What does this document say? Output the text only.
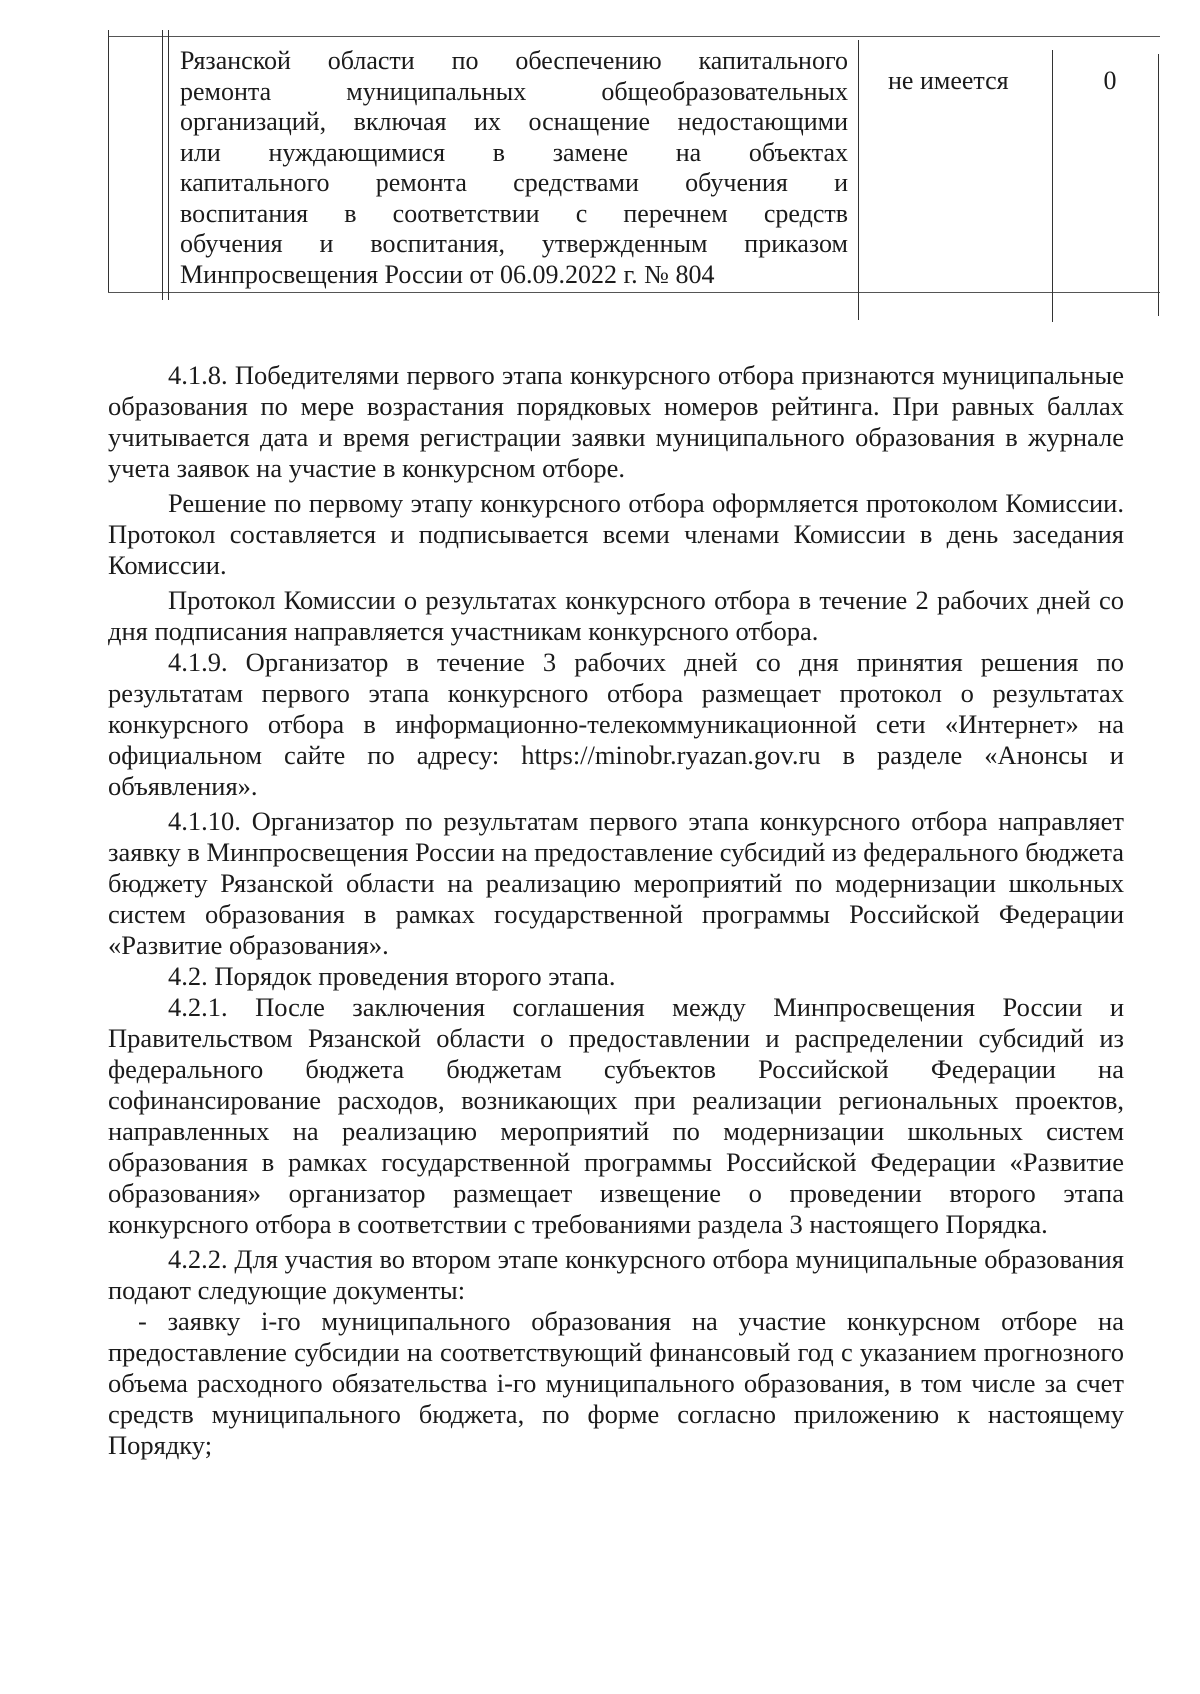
Рязанской области по обеспечению капитального
ремонта муниципальных общеобразовательных
организаций, включая их оснащение недостающими
или нуждающимися в замене на объектах
капитального ремонта средствами обучения и
воспитания в соответствии с перечнем средств
обучения и воспитания, утвержденным приказом
Минпросвещения России от 06.09.2022 г. № 804
не имеется	0

4.1.8. Победителями первого этапа конкурсного отбора признаются муниципальные образования по мере возрастания порядковых номеров рейтинга. При равных баллах учитывается дата и время регистрации заявки муниципального образования в журнале учета заявок на участие в конкурсном отборе.

Решение по первому этапу конкурсного отбора оформляется протоколом Комиссии. Протокол составляется и подписывается всеми членами Комиссии в день заседания Комиссии.

Протокол Комиссии о результатах конкурсного отбора в течение 2 рабочих дней со дня подписания направляется участникам конкурсного отбора.

4.1.9. Организатор в течение 3 рабочих дней со дня принятия решения по результатам первого этапа конкурсного отбора размещает протокол о результатах конкурсного отбора в информационно-телекоммуникационной сети «Интернет» на официальном сайте по адресу: https://minobr.ryazan.gov.ru в разделе «Анонсы и объявления».

4.1.10. Организатор по результатам первого этапа конкурсного отбора направляет заявку в Минпросвещения России на предоставление субсидий из федерального бюджета бюджету Рязанской области на реализацию мероприятий по модернизации школьных систем образования в рамках государственной программы Российской Федерации «Развитие образования».

4.2. Порядок проведения второго этапа.

4.2.1. После заключения соглашения между Минпросвещения России и Правительством Рязанской области о предоставлении и распределении субсидий из федерального бюджета бюджетам субъектов Российской Федерации на софинансирование расходов, возникающих при реализации региональных проектов, направленных на реализацию мероприятий по модернизации школьных систем образования в рамках государственной программы Российской Федерации «Развитие образования» организатор размещает извещение о проведении второго этапа конкурсного отбора в соответствии с требованиями раздела 3 настоящего Порядка.

4.2.2. Для участия во втором этапе конкурсного отбора муниципальные образования подают следующие документы:

- заявку i-го муниципального образования на участие конкурсном отборе на предоставление субсидии на соответствующий финансовый год с указанием прогнозного объема расходного обязательства i-го муниципального образования, в том числе за счет средств муниципального бюджета, по форме согласно приложению к настоящему Порядку;
